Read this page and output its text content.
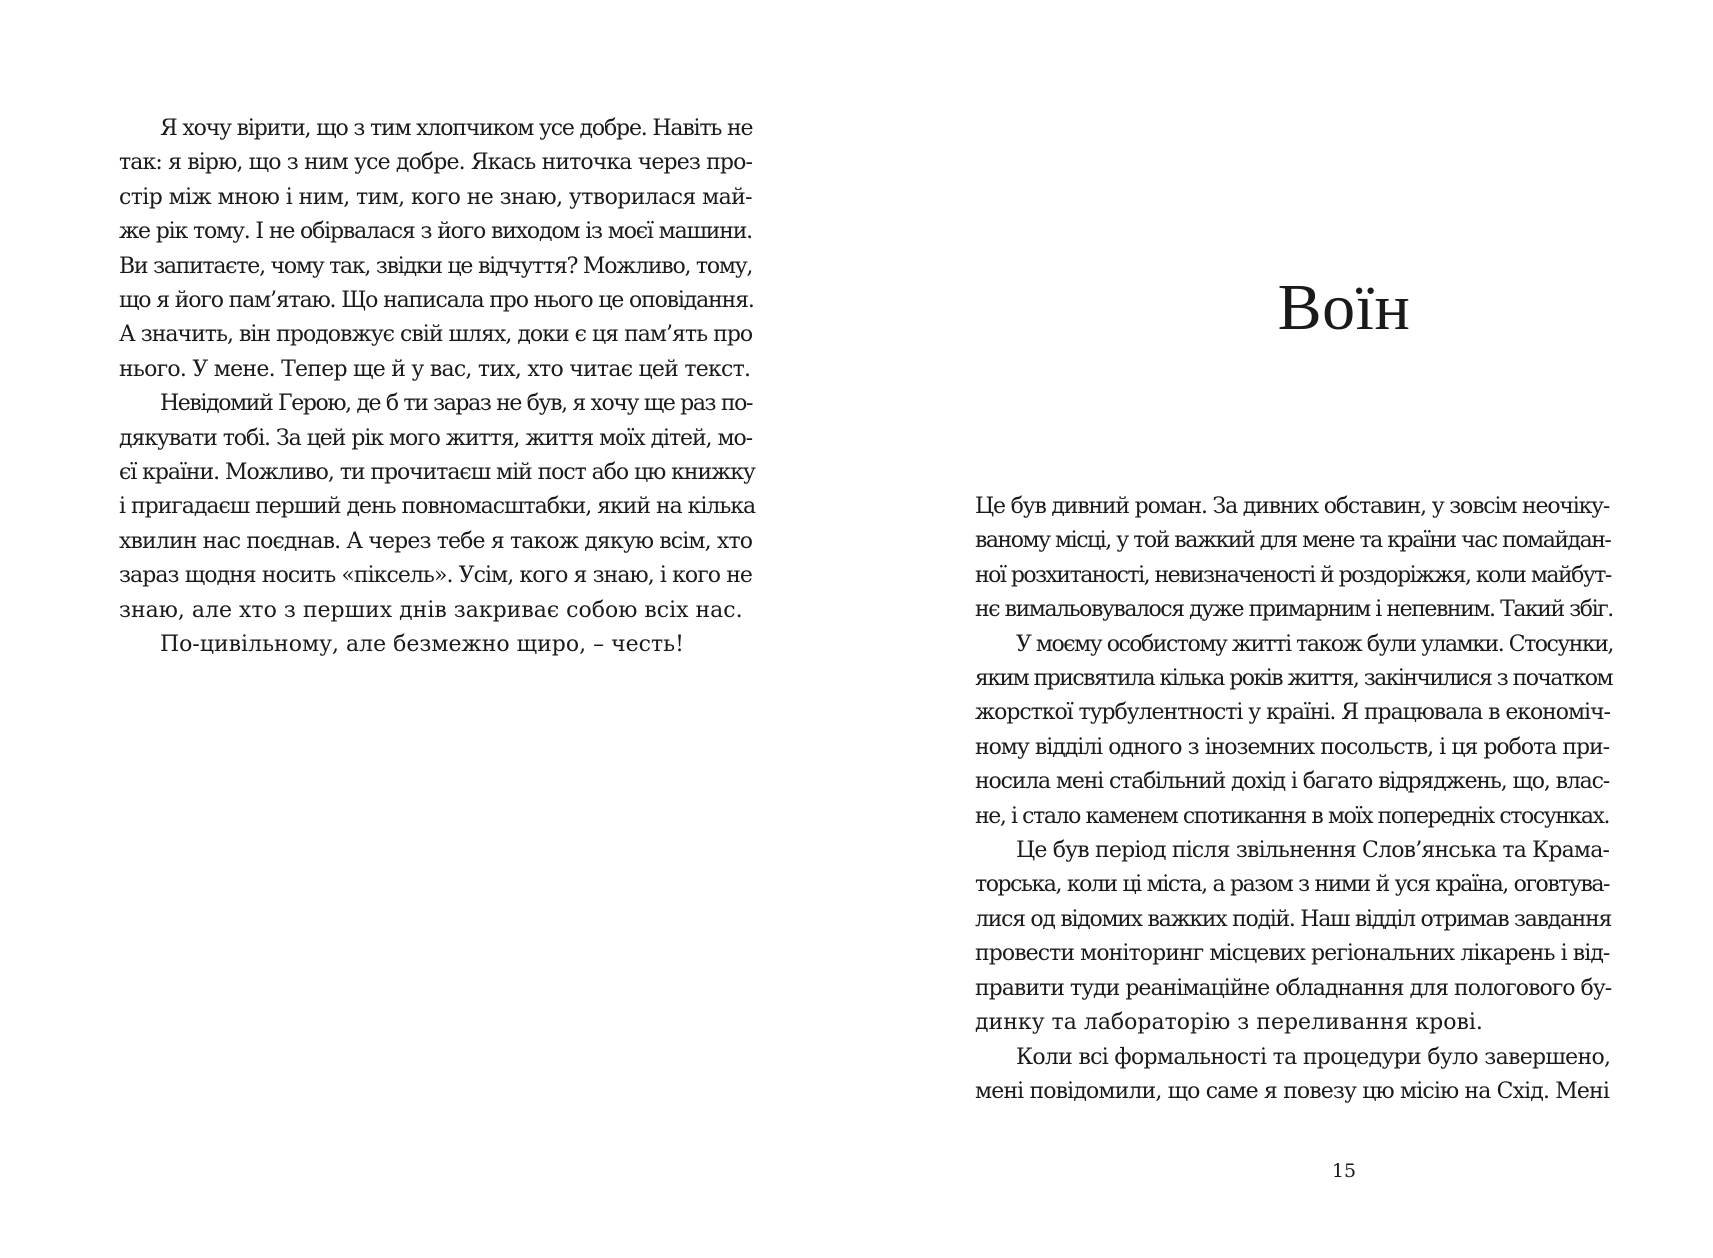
Я хочу вірити, що з тим хлопчиком усе добре. Навіть не
так: я вірю, що з ним усе добре. Якась ниточка через про-
стір між мною і ним, тим, кого не знаю, утворилася май-
же рік тому. І не обірвалася з його виходом із моєї машини.
Ви запитаєте, чому так, звідки це відчуття? Можливо, тому,
що я його пам’ятаю. Що написала про нього це оповідання.
А значить, він продовжує свій шлях, доки є ця пам’ять про
нього. У мене. Тепер ще й у вас, тих, хто читає цей текст.
Невідомий Герою, де б ти зараз не був, я хочу ще раз по-
дякувати тобі. За цей рік мого життя, життя моїх дітей, мо-
єї країни. Можливо, ти прочитаєш мій пост або цю книжку
і пригадаєш перший день повномасштабки, який на кілька
хвилин нас поєднав. А через тебе я також дякую всім, хто
зараз щодня носить «піксель». Усім, кого я знаю, і кого не
знаю, але хто з перших днів закриває собою всіх нас.
По-цивільному, але безмежно щиро, – честь!
Воїн
Це був дивний роман. За дивних обставин, у зовсім неочіку-
ваному місці, у той важкий для мене та країни час помайдан-
ної розхитаності, невизначеності й роздоріжжя, коли майбут-
нє вимальовувалося дуже примарним і непевним. Такий збіг.
У моєму особистому житті також були уламки. Стосунки,
яким присвятила кілька років життя, закінчилися з початком
жорсткої турбулентності у країні. Я працювала в економіч-
ному відділі одного з іноземних посольств, і ця робота при-
носила мені стабільний дохід і багато відряджень, що, влас-
не, і стало каменем спотикання в моїх попередніх стосунках.
Це був період після звільнення Слов’янська та Крама-
торська, коли ці міста, а разом з ними й уся країна, оговтува-
лися од відомих важких подій. Наш відділ отримав завдання
провести моніторинг місцевих регіональних лікарень і від-
правити туди реанімаційне обладнання для пологового бу-
динку та лабораторію з переливання крові.
Коли всі формальності та процедури було завершено,
мені повідомили, що саме я повезу цю місію на Схід. Мені
15
